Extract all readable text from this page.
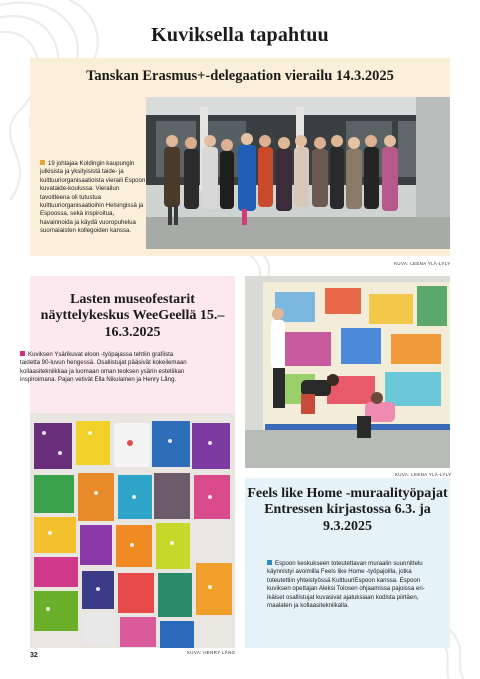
Kuviksella tapahtuu
Tanskan Erasmus+-delegaation vierailu 14.3.2025
19 johtajaa Koldingin kaupungin julkisista ja yksityisistä taide- ja kulttuuriorganisaatioista vieraili Espoon kuvataide-koulussa. Vierailun tavoitteena oli tutustua kulttuuriorganisaatioihin Helsingissä ja Espoossa, sekä inspiroitua, havainnoida ja käydä vuoropuhelua suomalaisten kollegoiden kanssa.
KUVA: LEENA YLÄ-LYLY
Lasten museofestarit näyttelykeskus WeeGeellä 15.–16.3.2025
Kuviksen Ysärikuvat eloon -työpajassa tehtiin grafiista taidetta 90-luvun hengessä. Osallistujat pääsivät kokeilemaan kollaasitekniikkaa ja luomaan oman teoksen ysärin estetiikan inspiroimana. Pajan vetivät Ella Nikulainen ja Henry Lång.
KUVA: HENRY LÅNG
KUVA: LEENA YLÄ-LYLY
Feels like Home -muraalityöpajat Entressen kirjastossa 6.3. ja 9.3.2025
Espoon keskukseen toteutettavan muraalin suunnittelu käynnistyi avoimilla Feels like Home -työpajoilla, jotka toteutettiin yhteistyössä KulttuuriEspoon kanssa. Espoon kuviksen opettajan Aleksi Tolosen ohjaamissa pajoissa eri-ikäiset osallistujat kuvasivat ajatuksiaan kodista piirtäen, maalaten ja kollaasitekniikalla.
32
